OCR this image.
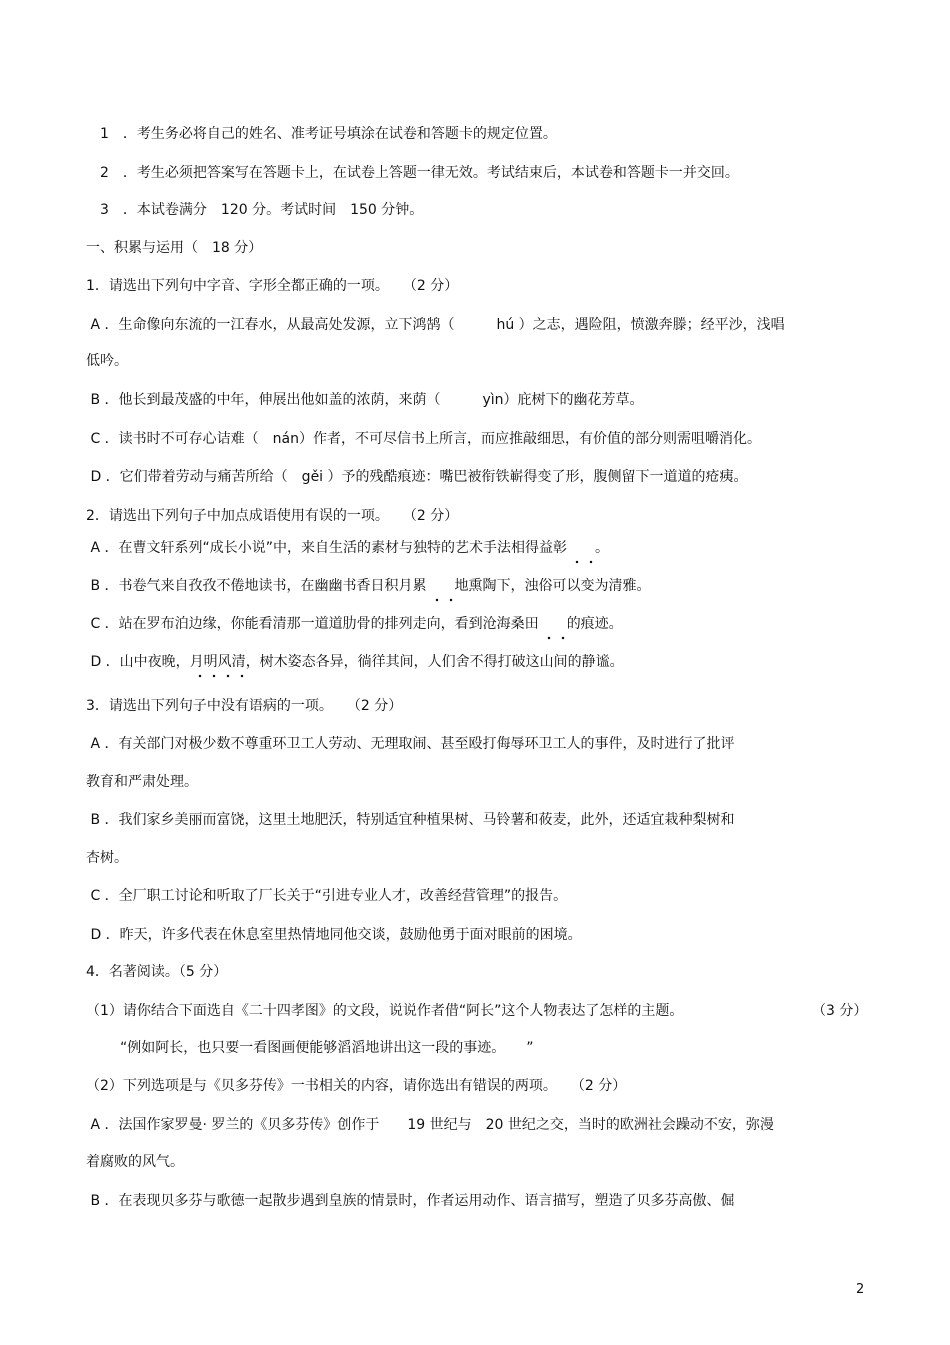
1　．考生务必将自己的姓名、准考证号填涂在试卷和答题卡的规定位置。
2　．考生必须把答案写在答题卡上，在试卷上答题一律无效。考试结束后，本试卷和答题卡一并交回。
3　．本试卷满分　120 分。考试时间　150 分钟。
一、积累与运用（　18 分）
1．请选出下列句中字音、字形全都正确的一项。　　（2 分）
A ．生命像向东流的一江春水，从最高处发源，立下鸿鹄（　　　hú ）之志，遇险阻，愤激奔滕；经平沙，浅唱
低吟。
B ．他长到最茂盛的中年，伸展出他如盖的浓荫，来荫（　　　yìn）庇树下的幽花芳草。
C ．读书时不可存心诘难（　nán）作者，不可尽信书上所言，而应推敲细思，有价值的部分则需咀嚼消化。
D ．它们带着劳动与痛苦所给（　gěi ）予的残酷痕迹：嘴巴被衔铁嶄得变了形，腹侧留下一道道的疮痍。
2．请选出下列句子中加点成语使用有误的一项。　　（2 分）
A ．在曹文轩系列“成长小说”中，来自生活的素材与独特的艺术手法相得益彰　　 。
B ．书卷气来自孜孜不倦地读书，在幽幽书香日积月累　　 地熏陶下，浊俗可以变为清雅。
C ．站在罗布泊边缘，你能看清那一道道肋骨的排列走向，看到沧海桑田　　 的痕迹。
D ．山中夜晚，月明风清，树木姿态各异，徜徉其间，人们舍不得打破这山间的静谧。
3．请选出下列句子中没有语病的一项。　　（2 分）
A ．有关部门对极少数不尊重环卫工人劳动、无理取闹、甚至殴打侮辱环卫工人的事件，及时进行了批评
教育和严肃处理。
B ．我们家乡美丽而富饶，这里土地肥沃，特别适宜种植果树、马铃薯和莜麦，此外，还适宜栽种梨树和
杏树。
C ．全厂职工讨论和听取了厂长关于“引进专业人才，改善经营管理”的报告。
D ．昨天，许多代表在休息室里热情地同他交谈，鼓励他勇于面对眼前的困境。
4．名著阅读。（5 分）
（1）请你结合下面选自《二十四孝图》的文段，说说作者借“阿长”这个人物表达了怎样的主题。	（3 分）
“例如阿长，也只要一看图画便能够滔滔地讲出这一段的事迹。　　”
（2）下列选项是与《贝多芬传》一书相关的内容，请你选出有错误的两项。　　（2 分）
A ．法国作家罗曼· 罗兰的《贝多芬传》创作于　　19 世纪与　20 世纪之交，当时的欧洲社会躁动不安，弥漫
着腐败的风气。
B ．在表现贝多芬与歌德一起散步遇到皇族的情景时，作者运用动作、语言描写，塑造了贝多芬高傲、倔
2
